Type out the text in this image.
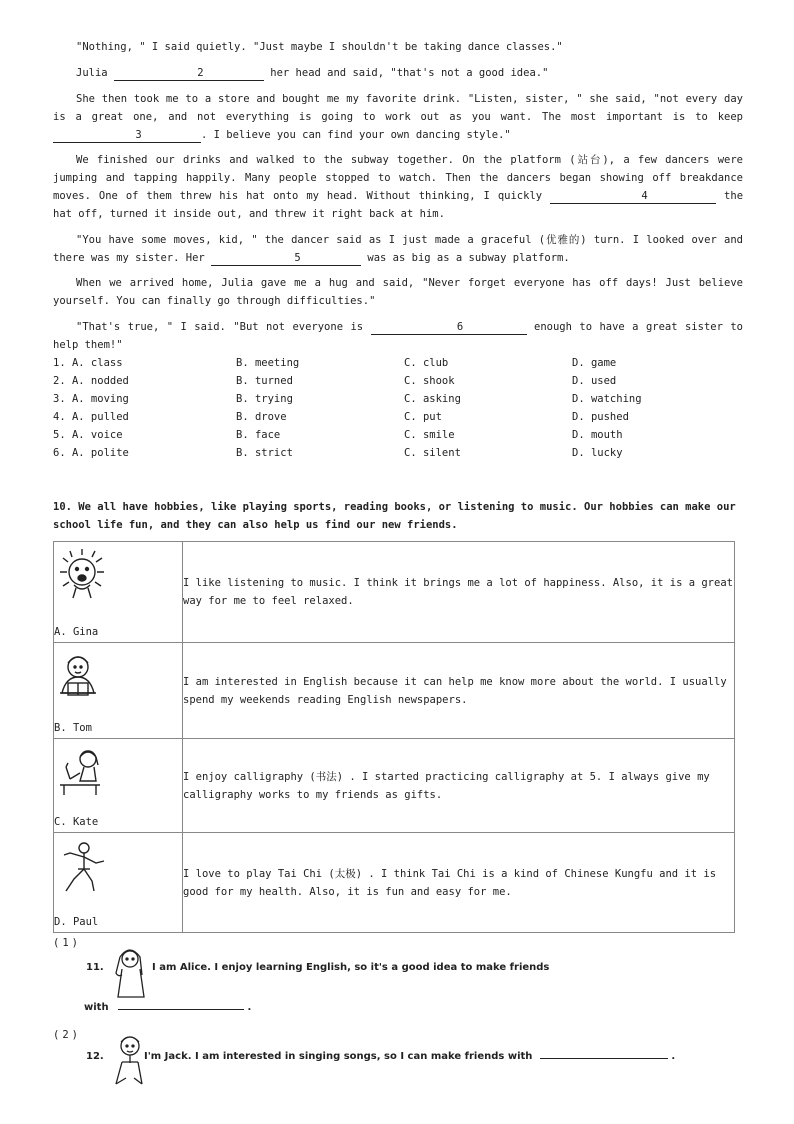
"Nothing, " I said quietly. "Just maybe I shouldn't be taking dance classes."

Julia	2	her head and said, "that's not a good idea."

She then took me to a store and bought me my favorite drink. "Listen, sister, " she said, "not every day is a great one, and not everything is going to work out as you want. The most important is to keep 3	. I believe you can find your own dancing style."

We finished our drinks and walked to the subway together. On the platform (站台), a few dancers were jumping and tapping happily. Many people stopped to watch. Then the dancers began showing off breakdance moves. One of them threw his hat onto my head. Without thinking, I quickly	4	the hat off, turned it inside out, and threw it right back at him.

"You have some moves, kid, " the dancer said as I just made a graceful (优雅的) turn. I looked over and there was my sister. Her	5	was as big as a subway platform.

When we arrived home, Julia gave me a hug and said, "Never forget everyone has off days! Just believe yourself. You can finally go through difficulties."

"That's true, " I said. "But not everyone is	6	enough to have a great sister to help them!"

1. A. class	B. meeting	C. club	D. game
2. A. nodded	B. turned	C. shook	D. used
3. A. moving	B. trying	C. asking	D. watching
4. A. pulled	B. drove	C. put	D. pushed
5. A. voice	B. face	C. smile	D. mouth
6. A. polite	B. strict	C. silent	D. lucky
10. We all have hobbies, like playing sports, reading books, or listening to music. Our hobbies can make our school life fun, and they can also help us find our new friends.
A. Gina	I like listening to music. I think it brings me a lot of happiness. Also, it is a great way for me to feel relaxed.

B. Tom	I am interested in English because it can help me know more about the world. I usually spend my weekends reading English newspapers.

C. Kate	I enjoy calligraphy (书法) . I started practicing calligraphy at 5. I always give my calligraphy works to my friends as gifts.

D. Paul	I love to play Tai Chi (太极) . I think Tai Chi is a kind of Chinese Kungfu and it is good for my health. Also, it is fun and easy for me.
(1)
11.	I am Alice. I enjoy learning English, so it's a good idea to make friends
with	.
(2)
12.	I'm Jack. I am interested in singing songs, so I can make friends with	.
